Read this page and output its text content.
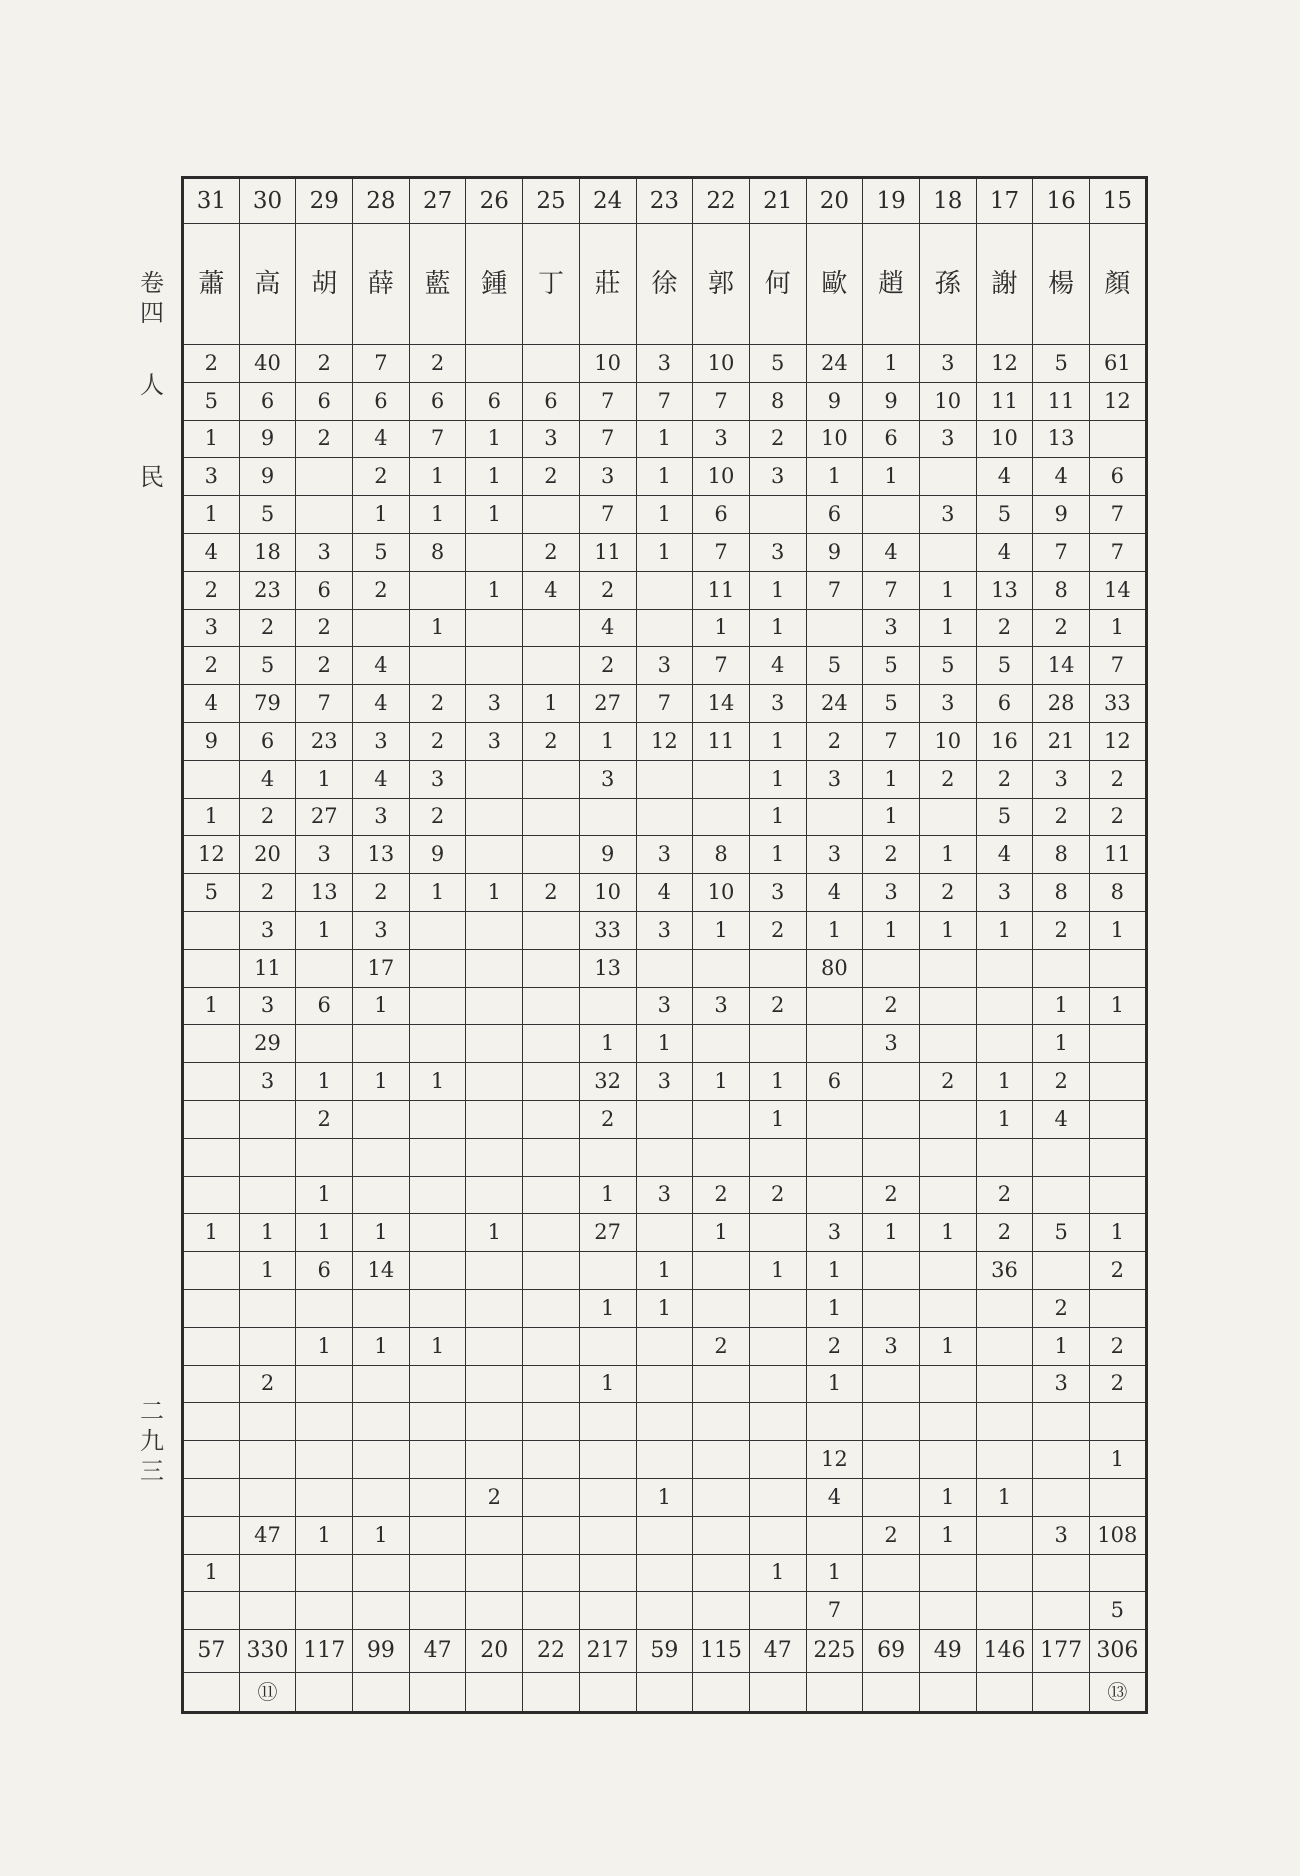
卷四
人
民
二九三
31	30	29	28	27	26	25	24	23	22	21	20	19	18	17	16	15
蕭	高	胡	薛	藍	鍾	丁	莊	徐	郭	何	歐	趙	孫	謝	楊	顏
2	40	2	7	2			10	3	10	5	24	1	3	12	5	61
5	6	6	6	6	6	6	7	7	7	8	9	9	10	11	11	12
1	9	2	4	7	1	3	7	1	3	2	10	6	3	10	13	
3	9		2	1	1	2	3	1	10	3	1	1		4	4	6
1	5		1	1	1		7	1	6		6		3	5	9	7
4	18	3	5	8		2	11	1	7	3	9	4		4	7	7
2	23	6	2		1	4	2		11	1	7	7	1	13	8	14
3	2	2		1			4		1	1		3	1	2	2	1
2	5	2	4				2	3	7	4	5	5	5	5	14	7
4	79	7	4	2	3	1	27	7	14	3	24	5	3	6	28	33
9	6	23	3	2	3	2	1	12	11	1	2	7	10	16	21	12
	4	1	4	3			3			1	3	1	2	2	3	2
1	2	27	3	2						1		1		5	2	2
12	20	3	13	9			9	3	8	1	3	2	1	4	8	11
5	2	13	2	1	1	2	10	4	10	3	4	3	2	3	8	8
	3	1	3				33	3	1	2	1	1	1	1	2	1
	11		17				13				80					
1	3	6	1					3	3	2		2			1	1
	29						1	1				3			1	
	3	1	1	1			32	3	1	1	6		2	1	2	
		2					2			1				1	4	

		1					1	3	2	2		2		2		
1	1	1	1		1		27		1		3	1	1	2	5	1
	1	6	14					1		1	1			36		2
							1	1			1				2	
		1	1	1					2		2	3	1		1	2
	2						1				1				3	2

											12					1
					2			1			4		1	1		
	47	1	1									2	1		3	108
1										1	1					
											7					5
57	330	117	99	47	20	22	217	59	115	47	225	69	49	146	177	306
	⑪															⑬
